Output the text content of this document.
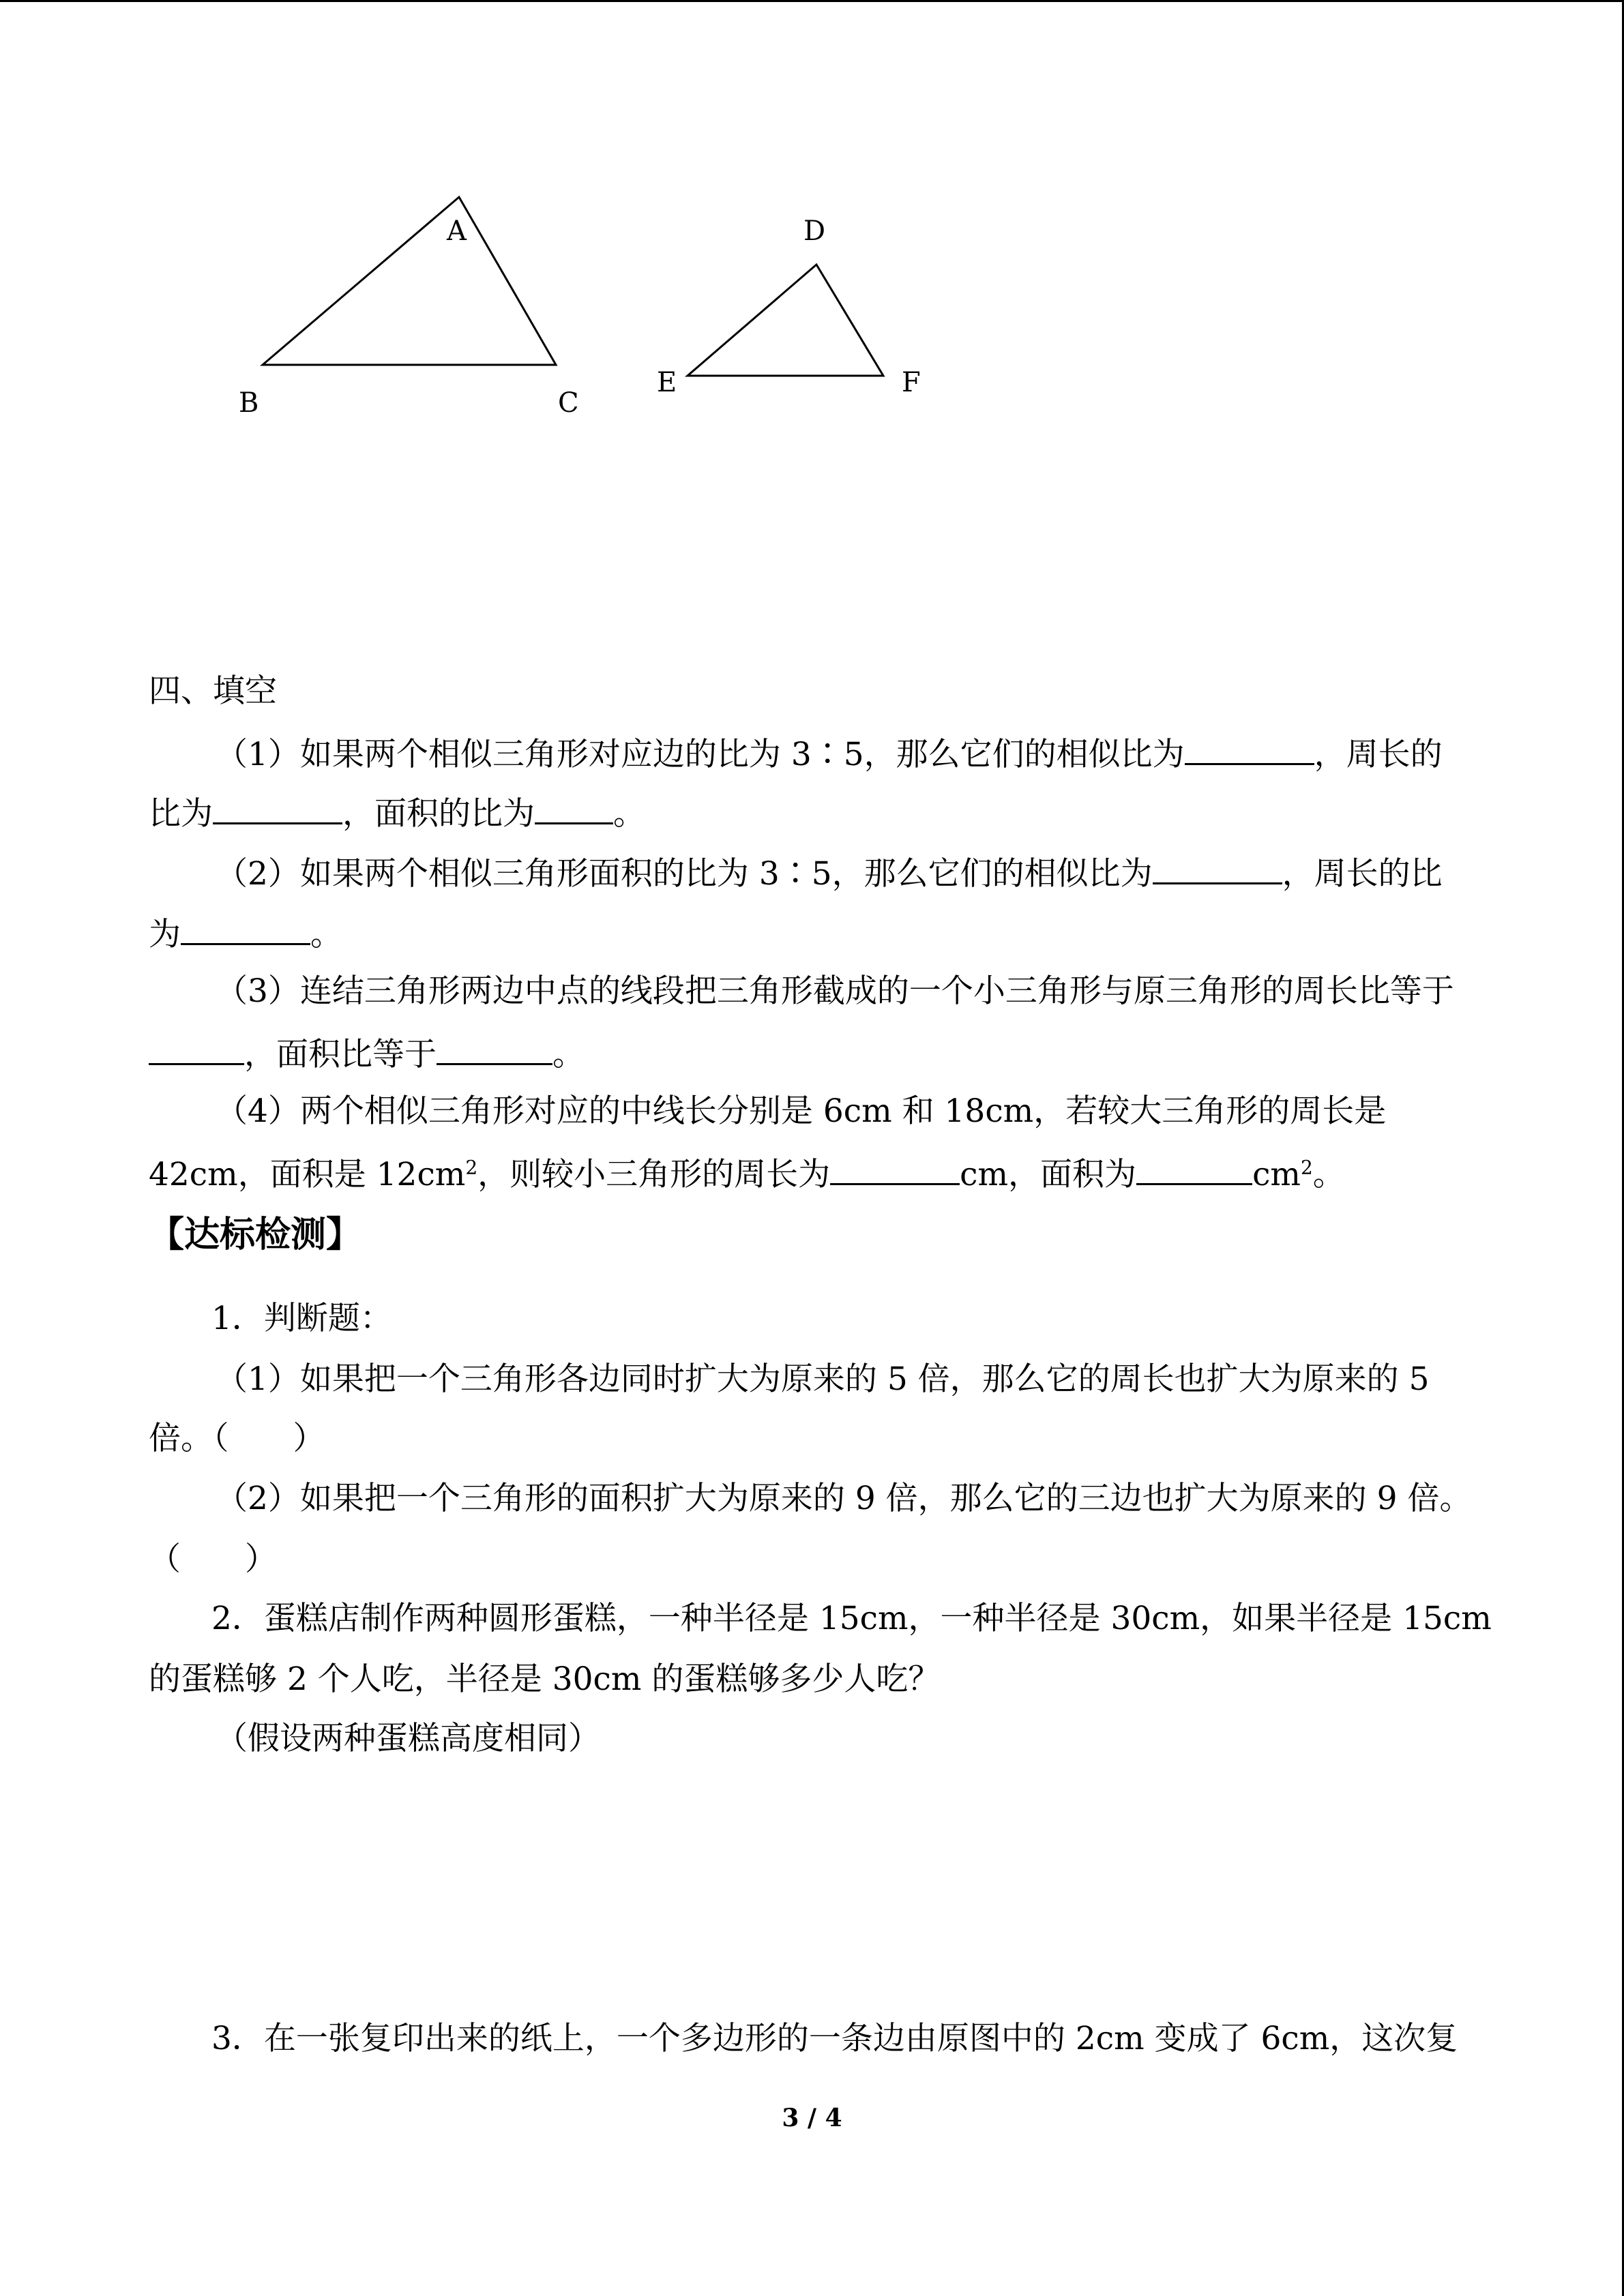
A
B	C
D
E	F
四、填空
（1）如果两个相似三角形对应边的比为 3∶5，那么它们的相似比为	，周长的
比为	，面积的比为 。
（2）如果两个相似三角形面积的比为 3∶5，那么它们的相似比为	，周长的比
为	。
（3）连结三角形两边中点的线段把三角形截成的一个小三角形与原三角形的周长比等于
，面积比等于	。
（4）两个相似三角形对应的中线长分别是 6cm 和 18cm，若较大三角形的周长是
42cm，面积是 $12cm^2$，则较小三角形的周长为	cm，面积为	$cm^2$。
【达标检测】
1．判断题：
（1）如果把一个三角形各边同时扩大为原来的 5 倍，那么它的周长也扩大为原来的 5
倍。（　　）
（2）如果把一个三角形的面积扩大为原来的 9 倍，那么它的三边也扩大为原来的 9 倍。
（　　）
2．蛋糕店制作两种圆形蛋糕，一种半径是 15cm，一种半径是 30cm，如果半径是 15cm
的蛋糕够 2 个人吃，半径是 30cm 的蛋糕够多少人吃？
（假设两种蛋糕高度相同）
3．在一张复印出来的纸上，一个多边形的一条边由原图中的 2cm 变成了 6cm，这次复
3 / 4
